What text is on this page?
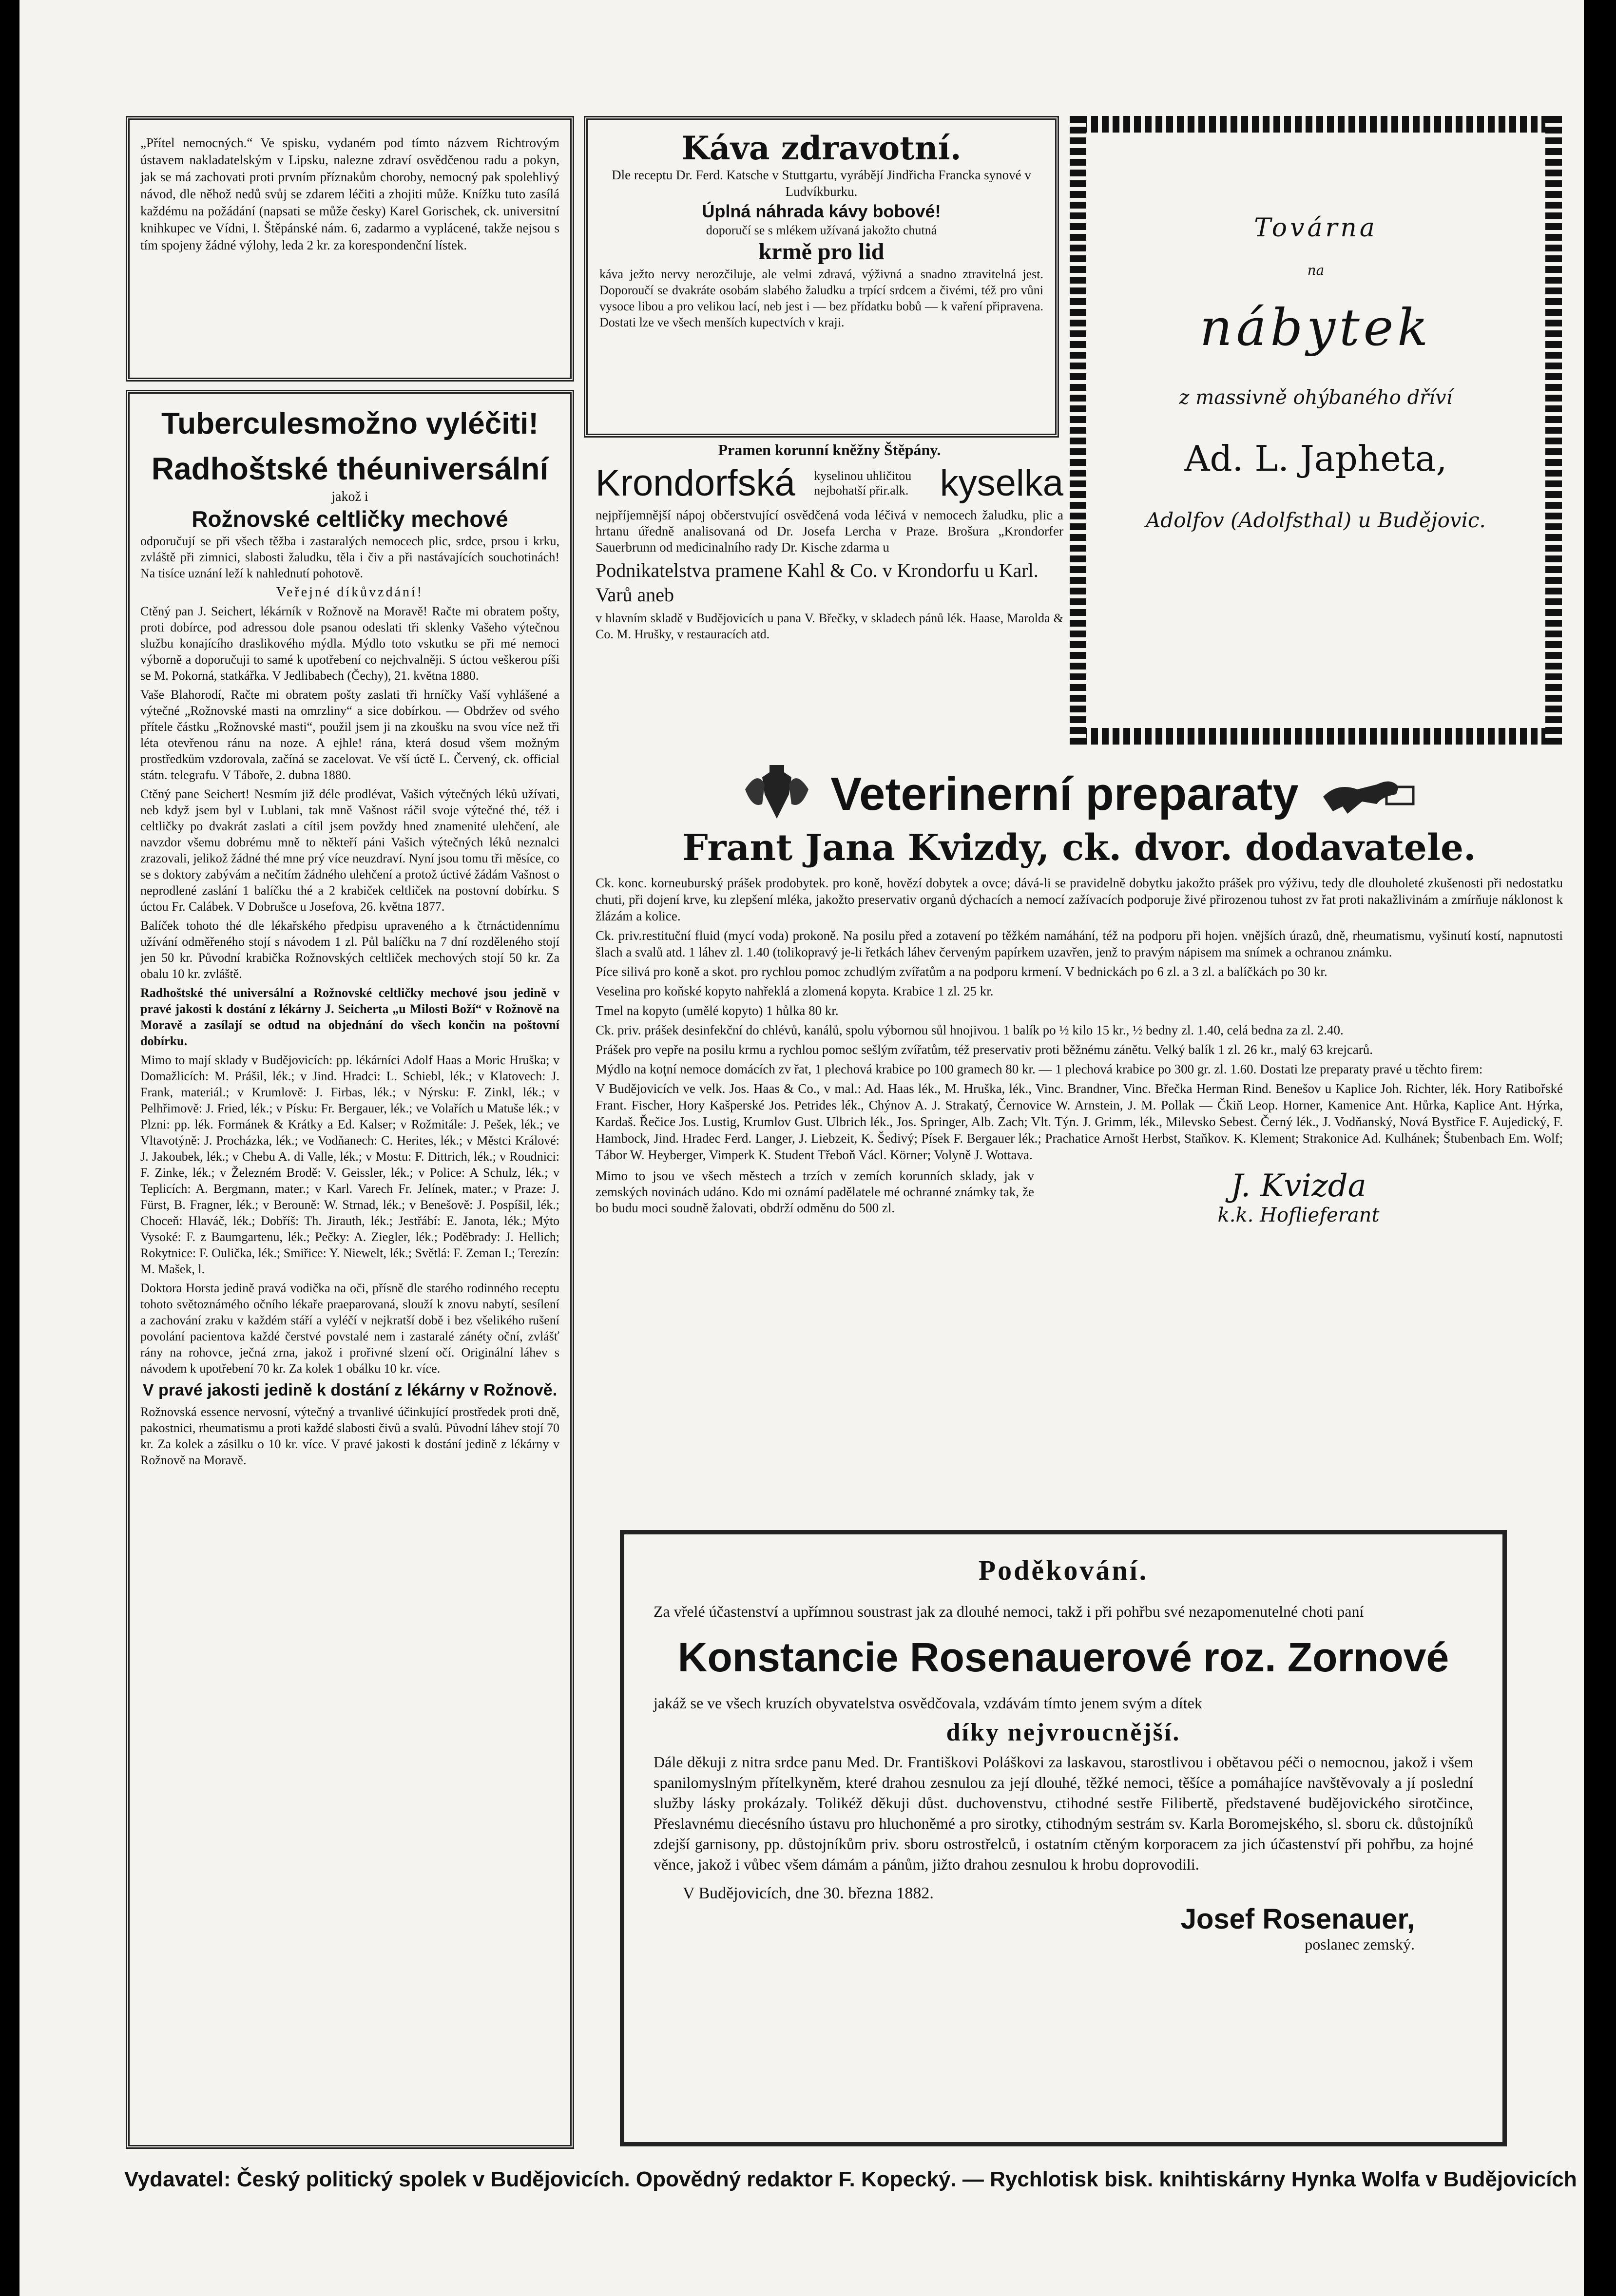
„Přítel nemocných.“ Ve spisku, vydaném pod tímto názvem Richtrovým ústavem nakladatelským v Lipsku, nalezne zdraví osvědčenou radu a pokyn, jak se má zachovati proti prvním příznakům choroby, nemocný pak spolehlivý návod, dle něhož nedů svůj se zdarem léčiti a zhojiti může. Knížku tuto zasílá každému na požádání (napsati se může česky) Karel Gorischek, ck. universitní knihkupec ve Vídni, I. Štěpánské nám. 6, zadarmo a vyplácené, takže nejsou s tím spojeny žádné výlohy, leda 2 kr. za korespondenční lístek.

Tuberculesmožno vyléčiti!
Radhoštské théuniversální
jakož i
Rožnovské celtličky mechové

odporučují se při všech těžba i zastaralých nemocech plic, srdce, prsou i krku, zvláště při zimnici, slabosti žaludku, těla i čiv a při nastávajících souchotinách! Na tisíce uznání leží k nahlednutí pohotově.

Veřejné díkůvzdání!

Ctěný pan J. Seichert, lékárník v Rožnově na Moravě! Račte mi obratem pošty, proti dobírce, pod adressou dole psanou odeslati tři sklenky Vašeho výtečnou službu konajícího draslikového mýdla. Mýdlo toto vskutku se při mé nemoci výborně a doporučuji to samé k upotřebení co nejchvalněji. S úctou veškerou píši se M. Pokorná, statkářka. V Jedlibabech (Čechy), 21. května 1880.

Vaše Blahorodí, Račte mi obratem pošty zaslati tři hrníčky Vaší vyhlášené a výtečné „Rožnovské masti na omrzliny“ a sice dobírkou. — Obdržev od svého přítele částku „Rožnovské masti“, použil jsem ji na zkoušku na svou více než tři léta otevřenou ránu na noze. A ejhle! rána, která dosud všem možným prostředkům vzdorovala, začíná se zacelovat. Ve vší úctě L. Červený, ck. official státn. telegrafu. V Táboře, 2. dubna 1880.

Ctěný pane Seichert! Nesmím již déle prodlévat, Vašich výtečných léků užívati, neb když jsem byl v Lublani, tak mně Vašnost ráčil svoje výtečné thé, též i celtličky po dvakrát zaslati a cítil jsem povždy hned znamenité ulehčení, ale navzdor všemu dobrému mně to někteří páni Vašich výtečných léků neznalci zrazovali, jelikož žádné thé mne prý více neuzdraví. Nyní jsou tomu tři měsíce, co se s doktory zabývám a nečitím žádného ulehčení a protož úctivé žádám Vašnost o neprodlené zaslání 1 balíčku thé a 2 krabiček celtliček na postovní dobírku. S úctou Fr. Calábek. V Dobrušce u Josefova, 26. května 1877.

Balíček tohoto thé dle lékařského předpisu upraveného a k čtrnáctidennímu užívání odměřeného stojí s návodem 1 zl. Půl balíčku na 7 dní rozděleného stojí jen 50 kr. Původní krabička Rožnovských celtliček mechových stojí 50 kr. Za obalu 10 kr. zvláště.

Radhoštské thé universální a Rožnovské celtličky mechové jsou jedině v pravé jakosti k dostání z lékárny J. Seicherta „u Milosti Boží“ v Rožnově na Moravě a zasílají se odtud na objednání do všech končin na poštovní dobírku.

Mimo to mají sklady v Budějovicích: pp. lékárníci Adolf Haas a Moric Hruška; v Domažlicích: M. Prášil, lék.; v Jind. Hradci: L. Schiebl, lék.; v Klatovech: J. Frank, materiál.; v Krumlově: J. Firbas, lék.; v Nýrsku: F. Zinkl, lék.; v Pelhřimově: J. Fried, lék.; v Písku: Fr. Bergauer, lék.; ve Volařích u Matuše lék.; v Plzni: pp. lék. Formánek & Krátky a Ed. Kalser; v Rožmitále: J. Pešek, lék.; ve Vltavotýně: J. Procházka, lék.; ve Vodňanech: C. Herites, lék.; v Městci Králové: J. Jakoubek, lék.; v Chebu A. di Valle, lék.; v Mostu: F. Dittrich, lék.; v Roudnici: F. Zinke, lék.; v Železném Brodě: V. Geissler, lék.; v Police: A Schulz, lék.; v Teplicích: A. Bergmann, mater.; v Karl. Varech Fr. Jelínek, mater.; v Praze: J. Fürst, B. Fragner, lék.; v Berouně: W. Strnad, lék.; v Benešově: J. Pospíšil, lék.; Choceň: Hlaváč, lék.; Dobříš: Th. Jirauth, lék.; Jestřábí: E. Janota, lék.; Mýto Vysoké: F. z Baumgartenu, lék.; Pečky: A. Ziegler, lék.; Poděbrady: J. Hellich; Rokytnice: F. Oulička, lék.; Smiřice: Y. Niewelt, lék.; Světlá: F. Zeman I.; Terezín: M. Mašek, l.

Doktora Horsta jedině pravá vodička na oči, přísně dle starého rodinného receptu tohoto světoznámého očního lékaře praeparovaná, slouží k znovu nabytí, sesílení a zachování zraku v každém stáří a vyléčí v nejkratší době i bez všelikého rušení povolání pacientova každé čerstvé povstalé nem i zastaralé zánéty oční, zvlášť rány na rohovce, ječná zrna, jakož i prořivné slzení očí. Originální láhev s návodem k upotřebení 70 kr. Za kolek 1 obálku 10 kr. více.

V pravé jakosti jedině k dostání z lékárny v Rožnově.

Rožnovská essence nervosní, výtečný a trvanlivé účinkující prostředek proti dně, pakostnici, rheumatismu a proti každé slabosti čivů a svalů. Původní láhev stojí 70 kr. Za kolek a zásilku o 10 kr. více. V pravé jakosti k dostání jedině z lékárny v Rožnově na Moravě.

Káva zdravotní.

Dle receptu Dr. Ferd. Katsche v Stuttgartu, vyrábějí Jindřicha Francka synové v Ludvíkburku.

Úplná náhrada kávy bobové!

doporučí se s mlékem užívaná jakožto chutná

krmě pro lid

káva ježto nervy nerozčiluje, ale velmi zdravá, výživná a snadno ztravitelná jest. Doporoučí se dvakráte osobám slabého žaludku a trpící srdcem a čivémi, též pro vůni vysoce libou a pro velikou lací, neb jest i — bez přídatku bobů — k vaření připravena. Dostati lze ve všech menších kupectvích v kraji.

Pramen korunní kněžny Štěpány.

Krondorfská kyselinou uhličitou nejbohatší přir.alk. kyselka

nejpříjemnější nápoj občerstvující osvědčená voda léčivá v nemocech žaludku, plic a hrtanu úředně analisovaná od Dr. Josefa Lercha v Praze. Brošura „Krondorfer Sauerbrunn od medicinalního rady Dr. Kische zdarma u

Podnikatelstva pramene Kahl & Co. v Krondorfu u Karl. Varů aneb

v hlavním skladě v Budějovicích u pana V. Břečky, v skladech pánů lék. Haase, Marolda & Co. M. Hrušky, v restauracích atd.

Továrna
na
nábytek
z massivně ohýbaného dříví
Ad. L. Japheta,
Adolfov (Adolfsthal) u Budějovic.
Veterinerní preparaty
Frant Jana Kvizdy, ck. dvor. dodavatele.

Ck. konc. korneuburský prášek prodobytek. pro koně, hovězí dobytek a ovce; dává-li se pravidelně dobytku jakožto prášek pro výživu, tedy dle dlouholeté zkušenosti při nedostatku chuti, při dojení krve, ku zlepšení mléka, jakožto preservativ organů dýchacích a nemocí zažívacích podporuje živé přirozenou tuhost zv řat proti nakažlivinám a zmírňuje náklonost k žlázám a kolice.

Ck. priv.restituční fluid (mycí voda) prokoně. Na posilu před a zotavení po těžkém namáhání, též na podporu při hojen. vnějších úrazů, dně, rheumatismu, vyšinutí kostí, napnutosti šlach a svalů atd. 1 láhev zl. 1.40 (tolikopravý je-li řetkách láhev červeným papírkem uzavřen, jenž to pravým nápisem ma snímek a ochranou známku.

Píce silivá pro koně a skot. pro rychlou pomoc zchudlým zvířatům a na podporu krmení. V bednickách po 6 zl. a 3 zl. a balíčkách po 30 kr.

Veselina pro koňské kopyto nahřeklá a zlomená kopyta. Krabice 1 zl. 25 kr.

Tmel na kopyto (umělé kopyto) 1 hůlka 80 kr.

Ck. priv. prášek desinfekční do chlévů, kanálů, spolu výbornou sůl hnojivou. 1 balík po ½ kilo 15 kr., ½ bedny zl. 1.40, celá bedna za zl. 2.40.

Prášek pro vepře na posilu krmu a rychlou pomoc sešlým zvířatům, též preservativ proti běžnému zánětu. Velký balík 1 zl. 26 kr., malý 63 krejcarů.

Mýdlo na koţní nemoce domácích zv řat, 1 plechová krabice po 100 gramech 80 kr. — 1 plechová krabice po 300 gr. zl. 1.60. Dostati lze preparaty pravé u těchto firem:

V Budějovicích ve velk. Jos. Haas & Co., v mal.: Ad. Haas lék., M. Hruška, lék., Vinc. Brandner, Vinc. Břečka Herman Rind. Benešov u Kaplice Joh. Richter, lék. Hory Ratibořské Frant. Fischer, Hory Kašperské Jos. Petrides lék., Chýnov A. J. Strakatý, Černovice W. Arnstein, J. M. Pollak — Čkiň Leop. Horner, Kamenice Ant. Hůrka, Kaplice Ant. Hýrka, Kardaš. Řečice Jos. Lustig, Krumlov Gust. Ulbrich lék., Jos. Springer, Alb. Zach; Vlt. Týn. J. Grimm, lék., Milevsko Sebest. Černý lék., J. Vodňanský, Nová Bystřice F. Aujedický, F. Hambock, Jind. Hradec Ferd. Langer, J. Liebzeit, K. Šedivý; Písek F. Bergauer lék.; Prachatice Arnošt Herbst, Staňkov. K. Klement; Strakonice Ad. Kulhánek; Štubenbach Em. Wolf; Tábor W. Heyberger, Vimperk K. Student Třeboň Václ. Körner; Volyně J. Wottava.

Mimo to jsou ve všech městech a trzích v zemích korunních sklady, jak v zemských novinách udáno. Kdo mi oznámí padělatele mé ochranné známky tak, že bo budu moci soudně žalovati, obdrží odměnu do 500 zl.

J. Kvizda
k.k. Hoflieferant
Poděkování.

Za vřelé účastenství a upřímnou soustrast jak za dlouhé nemoci, takž i při pohřbu své nezapomenutelné choti paní

Konstancie Rosenauerové roz. Zornové

jakáž se ve všech kruzích obyvatelstva osvědčovala, vzdávám tímto jenem svým a dítek

díky nejvroucnější.

Dále děkuji z nitra srdce panu Med. Dr. Františkovi Poláškovi za laskavou, starostlivou i obětavou péči o nemocnou, jakož i všem spanilomyslným přítelkyněm, které drahou zesnulou za její dlouhé, těžké nemoci, těšíce a pomáhajíce navštěvovaly a jí poslední služby lásky prokázaly. Tolikéž děkuji důst. duchovenstvu, ctihodné sestře Filibertě, představené budějovického sirotčince, Přeslavnému diecésního ústavu pro hluchoněmé a pro sirotky, ctihodným sestrám sv. Karla Boromejského, sl. sboru ck. důstojníků zdejší garnisony, pp. důstojníkům priv. sboru ostrostřelců, i ostatním ctěným korporacem za jich účastenství při pohřbu, za hojné věnce, jakož i vůbec všem dámám a pánům, jižto drahou zesnulou k hrobu doprovodili.

V Budějovicích, dne 30. března 1882.

Josef Rosenauer,
poslanec zemský.
Vydavatel: Český politický spolek v Budějovicích. Opovědný redaktor F. Kopecký. — Rychlotisk bisk. knihtiskárny Hynka Wolfa v Budějovicích
